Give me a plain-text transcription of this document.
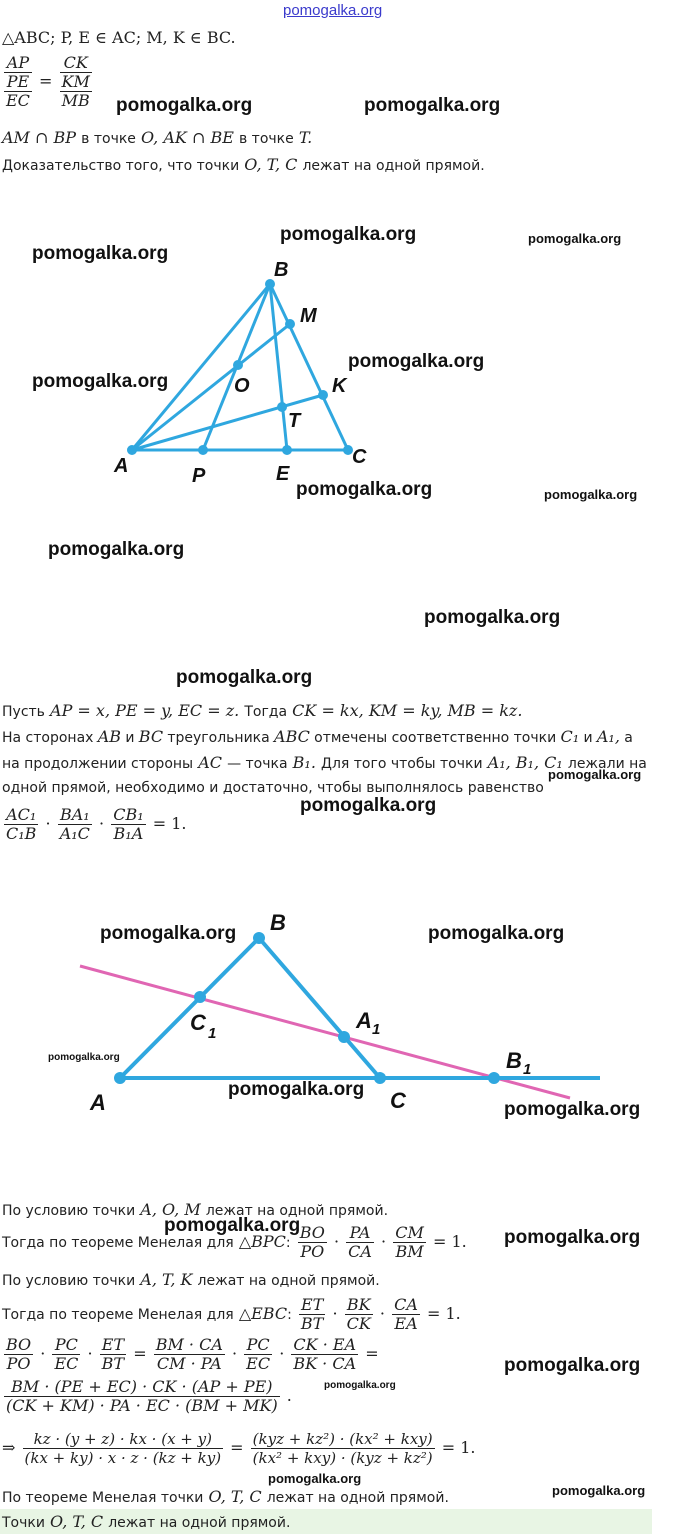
pomogalka.org
△ABC; P, E ∈ AC; M, K ∈ BC.
AP
PE
EC
=
CK
KM
MB
AM ∩ BP в точке O, AK ∩ BE в точке T.
Доказательство того, что точки O, T, C лежат на одной прямой.
B
M
O	K
T
A	P	E
C
Пусть AP = x, PE = y, EC = z. Тогда CK = kx, KM = ky, MB = kz.
На сторонах AB и BC треугольника ABC отмечены соответственно точки C₁ и A₁, а
на продолжении стороны AC — точка B₁. Для того чтобы точки A₁, B₁, C₁ лежали на
одной прямой, необходимо и достаточно, чтобы выполнялось равенство
$\frac{\text{AC₁}}{\text{C₁B}} \cdot \frac{\text{BA₁}}{\text{A₁C}} \cdot \frac{\text{CB₁}}{\text{B₁A}} = 1$.
B
C 1
A 1
A	C
B 1
По условию точки A, O, M лежат на одной прямой.
Тогда по теореме Менелая для △BPC: $\frac{BO}{PO} \cdot \frac{PA}{CA} \cdot \frac{CM}{BM} = 1$.
По условию точки A, T, K лежат на одной прямой.
Тогда по теореме Менелая для △EBC: $\frac{ET}{BT} \cdot \frac{BK}{CK} \cdot \frac{CA}{EA} = 1$.
$\frac{BO}{PO} \cdot \frac{PC}{EC} \cdot \frac{ET}{BT} = \frac{BM \cdot CA}{CM \cdot PA} \cdot \frac{PC}{EC} \cdot \frac{CK \cdot EA}{BK \cdot CA}$ =
$\frac{BM \cdot (PE + EC) \cdot CK \cdot (AP + PE)}{(CK + KM) \cdot PA \cdot EC \cdot (BM + MK)}$ .
⇒ $\frac{kz \cdot (y + z) \cdot kx \cdot (x + y)}{(kx + ky) \cdot x \cdot z \cdot (kz + ky)} = \frac{\text{(kyz + kz²) · (kx² + kxy)}}{\text{(kx² + kxy) · (kyz + kz²)}} = 1$.
По теореме Менелая точки O, T, C лежат на одной прямой.
Точки O, T, C лежат на одной прямой.
pomogalka.org	pomogalka.org
pomogalka.org	pomogalka.org
pomogalka.org
pomogalka.org
pomogalka.org
pomogalka.org	pomogalka.org
pomogalka.org
pomogalka.org
pomogalka.org
pomogalka.org
pomogalka.org
pomogalka.org	pomogalka.org
pomogalka.org
pomogalka.org
pomogalka.org
pomogalka.org
pomogalka.org
pomogalka.org
pomogalka.org
pomogalka.org
pomogalka.org
